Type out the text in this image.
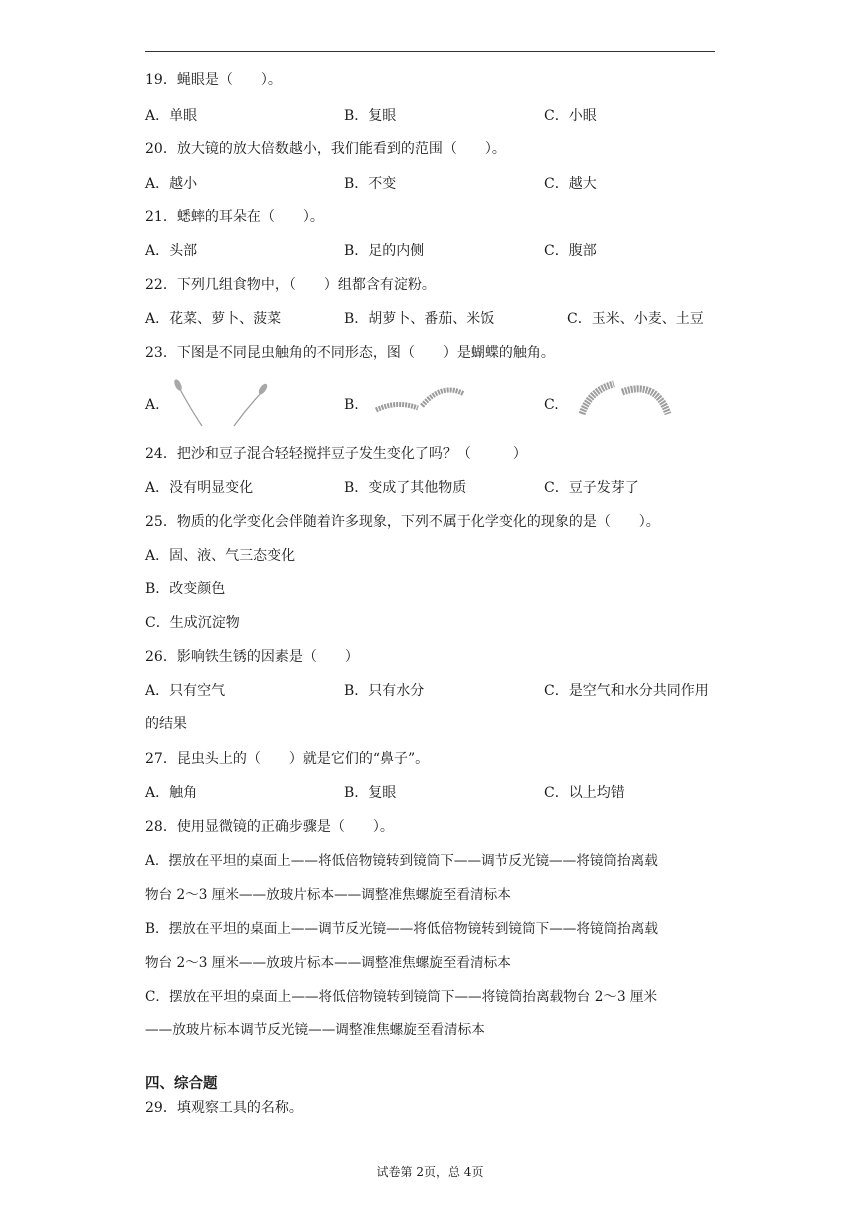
19．蝇眼是（　　）。
A．单眼	B．复眼	C．小眼
20．放大镜的放大倍数越小，我们能看到的范围（　　）。
A．越小	B．不变	C．越大
21．蟋蟀的耳朵在（　　）。
A．头部	B．足的内侧	C．腹部
22．下列几组食物中，（　　）组都含有淀粉。
A．花菜、萝卜、菠菜	B．胡萝卜、番茄、米饭	C．玉米、小麦、土豆
23．下图是不同昆虫触角的不同形态，图（　　）是蝴蝶的触角。
A.	B.	C.
24．把沙和豆子混合轻轻搅拌豆子发生变化了吗？（　　　）
A．没有明显变化	B．变成了其他物质	C．豆子发芽了
25．物质的化学变化会伴随着许多现象，下列不属于化学变化的现象的是（　　）。
A．固、液、气三态变化
B．改变颜色
C．生成沉淀物
26．影响铁生锈的因素是（　　）
A．只有空气	B．只有水分	C．是空气和水分共同作用
的结果
27．昆虫头上的（　　）就是它们的“鼻子”。
A．触角	B．复眼	C．以上均错
28．使用显微镜的正确步骤是（　　）。
A．摆放在平坦的桌面上——将低倍物镜转到镜筒下——调节反光镜——将镜筒抬离载
物台 2～3 厘米——放玻片标本——调整准焦螺旋至看清标本
B．摆放在平坦的桌面上——调节反光镜——将低倍物镜转到镜筒下——将镜筒抬离载
物台 2～3 厘米——放玻片标本——调整准焦螺旋至看清标本
C．摆放在平坦的桌面上——将低倍物镜转到镜筒下——将镜筒抬离载物台 2～3 厘米
——放玻片标本调节反光镜——调整准焦螺旋至看清标本
四、综合题
29．填观察工具的名称。
试卷第 2页，总 4页
